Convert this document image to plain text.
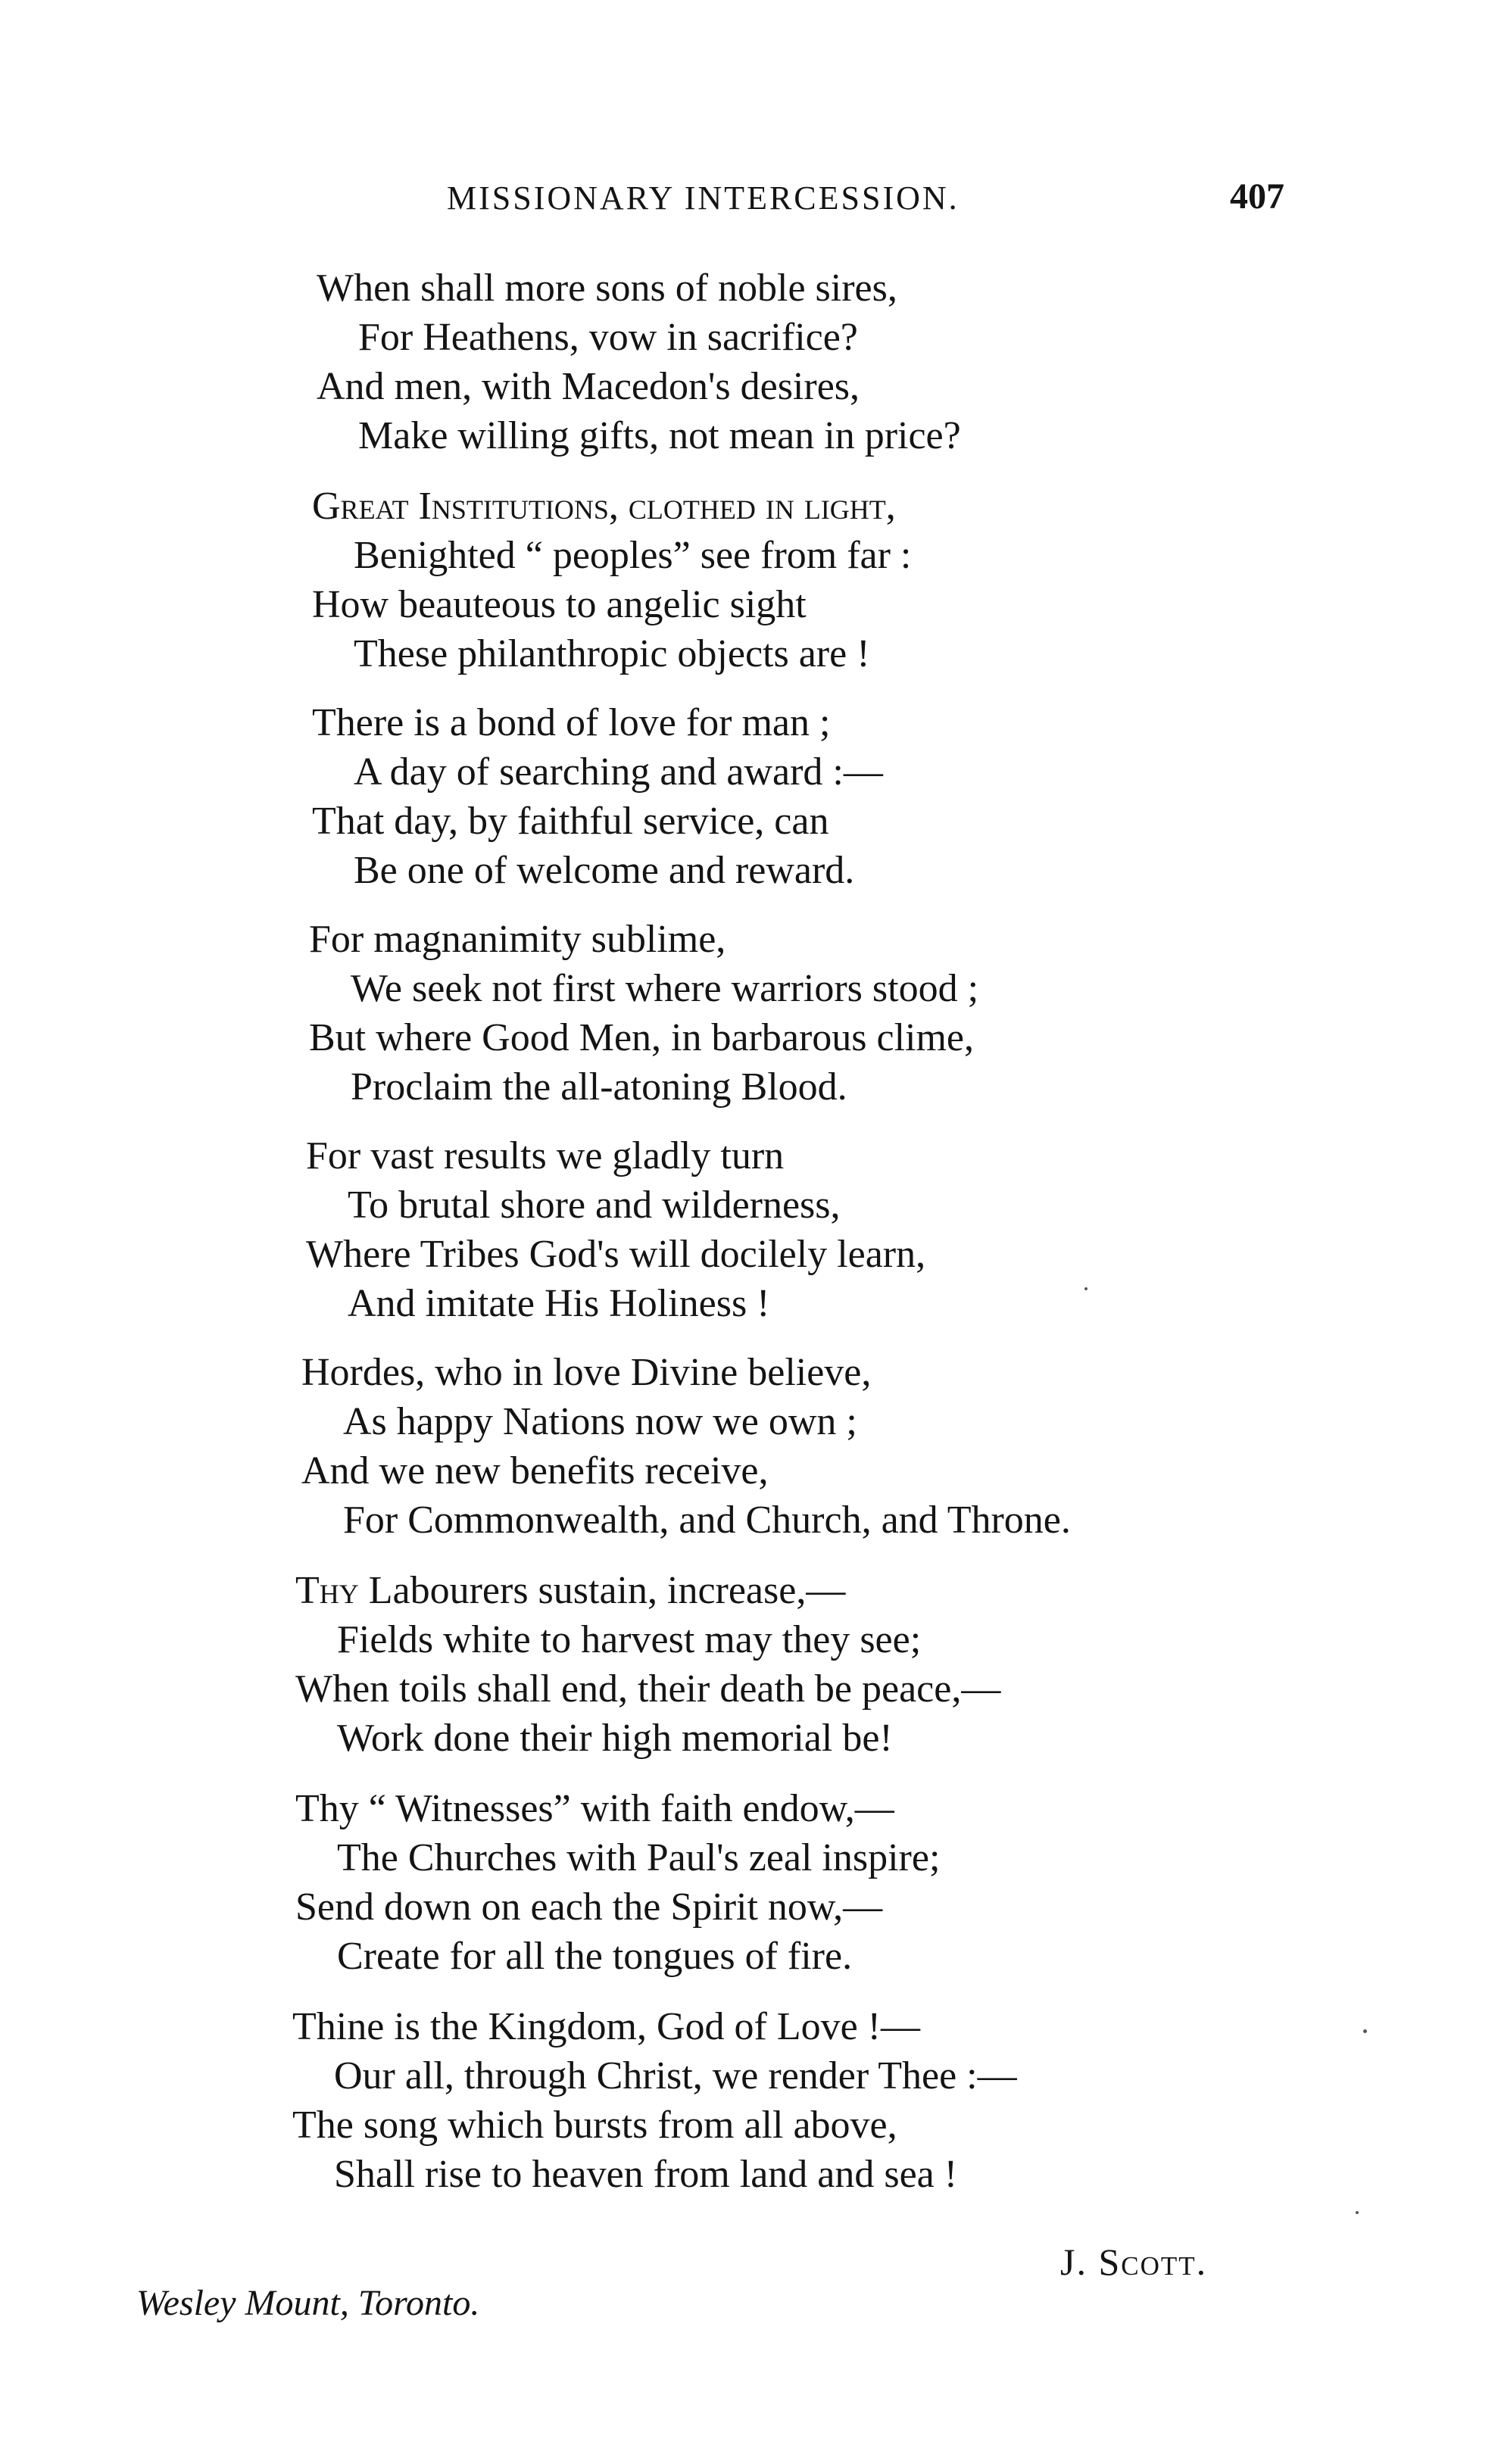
MISSIONARY INTERCESSION.	407
When shall more sons of noble sires,
For Heathens, vow in sacrifice?
And men, with Macedon's desires,
Make willing gifts, not mean in price?
Great Institutions, clothed in light,
Benighted “ peoples” see from far :
How beauteous to angelic sight
These philanthropic objects are !
There is a bond of love for man ;
A day of searching and award :—
That day, by faithful service, can
Be one of welcome and reward.
For magnanimity sublime,
We seek not first where warriors stood ;
But where Good Men, in barbarous clime,
Proclaim the all-atoning Blood.
For vast results we gladly turn
To brutal shore and wilderness,
Where Tribes God's will docilely learn,
And imitate His Holiness !
Hordes, who in love Divine believe,
As happy Nations now we own ;
And we new benefits receive,
For Commonwealth, and Church, and Throne.
Thy Labourers sustain, increase,—
Fields white to harvest may they see;
When toils shall end, their death be peace,—
Work done their high memorial be!
Thy “ Witnesses” with faith endow,—
The Churches with Paul's zeal inspire;
Send down on each the Spirit now,—
Create for all the tongues of fire.
Thine is the Kingdom, God of Love !—
Our all, through Christ, we render Thee :—
The song which bursts from all above,
Shall rise to heaven from land and sea !
J. Scott.
Wesley Mount, Toronto.
